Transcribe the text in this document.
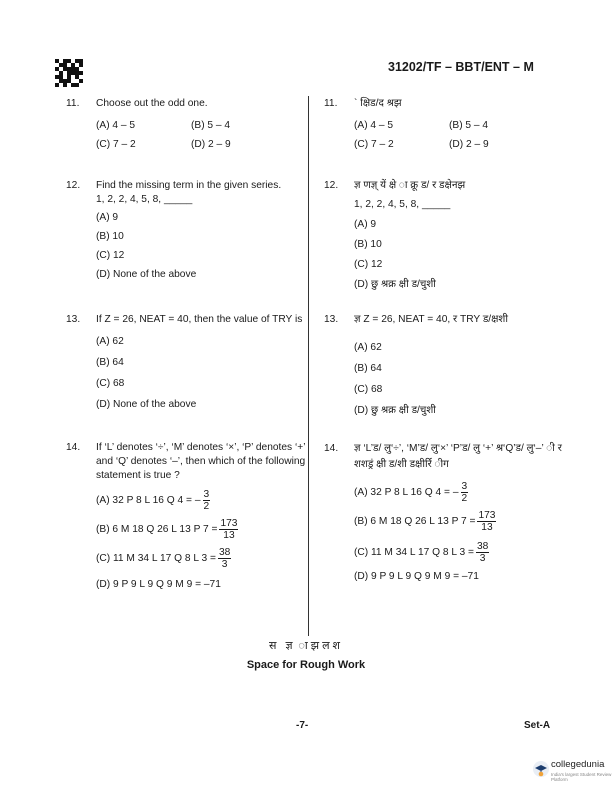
31202/TF – BBT/ENT – M
11. Choose out the odd one.
(A) 4 – 5	(B) 5 – 4
(C) 7 – 2	(D) 2 – 9
12. Find the missing term in the given series.
1, 2, 2, 4, 5, 8, _____
(A) 9
(B) 10
(C) 12
(D) None of the above
13. If Z = 26, NEAT = 40, then the value of TRY is
(A) 62
(B) 64
(C) 68
(D) None of the above
14. If ‘L’ denotes ‘÷’, ‘M’ denotes ‘×’, ‘P’ denotes ‘+’ and ‘Q’ denotes ‘–’, then which of the following statement is true ?
(A) 32 P 8 L 16 Q 4 = – $\frac{3}{2}$
(B) 6 M 18 Q 26 L 13 P $7 = \frac{173}{13}$
(C) 11 M 34 L 17 Q 8 L $3 = \frac{38}{3}$
(D) 9 P 9 L 9 Q 9 M 9 = –71
11. ` क्षिड/द श्रझ
(A) 4 – 5	(B) 5 – 4
(C) 7 – 2	(D) 2 – 9
12. ज्ञ णज्ञ् यें क्षे ा क्रू ड/ र डक्षेनझ
1, 2, 2, 4, 5, 8, _____
(A) 9
(B) 10
(C) 12
(D) छु श्रक्र क्षी ड/चुशी
13. ज्ञ Z = 26, NEAT = 40, र TRY ड/क्षशी
(A) 62
(B) 64
(C) 68
(D) छु श्रक्र क्षी ड/चुशी
14. ज्ञ ‘L’ड/ लु‘÷’, ‘M’ड/ लु‘×’ ‘P’ड/ लु ‘+’ श्र‘Q’ड/ लु‘–’ ी र शशड्रं क्षी ड/शी डक्षीर्रि ीग
(A) 32 P 8 L 16 Q 4 = – $\frac{3}{2}$
(B) 6 M 18 Q 26 L 13 P $7 = \frac{173}{13}$
(C) 11 M 34 L 17 Q 8 L $3 = \frac{38}{3}$
(D) 9 P 9 L 9 Q 9 M 9 = –71
स ज्ञ ाझलश
Space for Rough Work
-7-	Set-A
collegedunia
India's largest Student Review Platform
